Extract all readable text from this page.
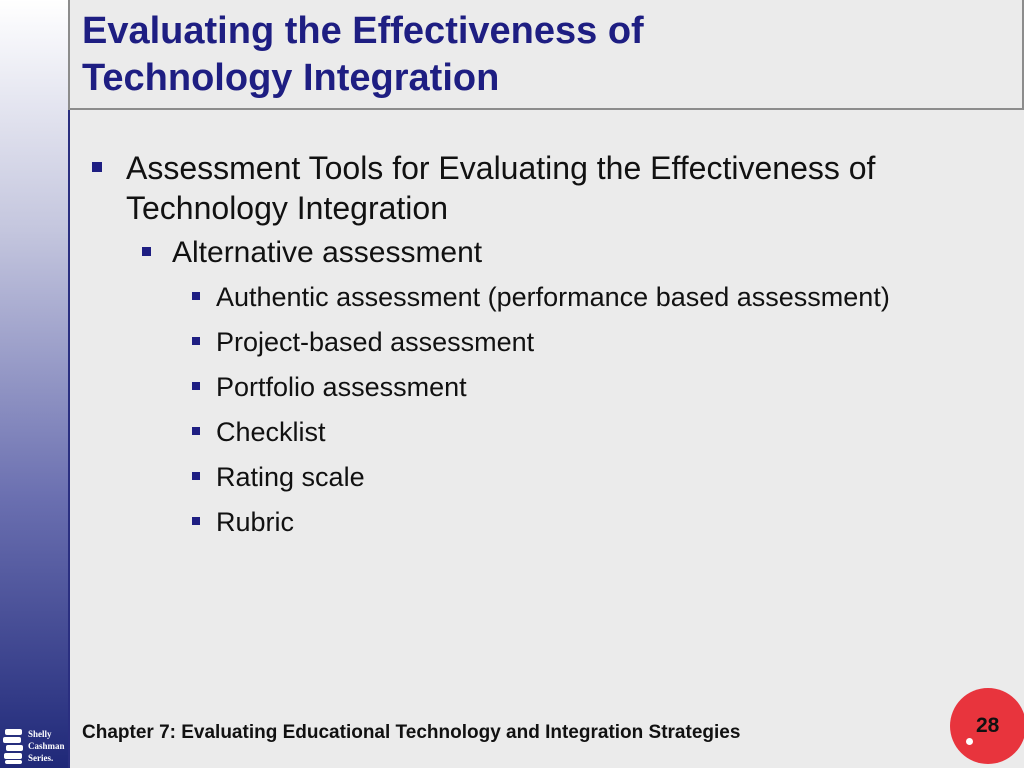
Evaluating the Effectiveness of
Technology Integration
Assessment Tools for Evaluating the Effectiveness of Technology Integration
Alternative assessment
Authentic assessment (performance based assessment)
Project-based assessment
Portfolio assessment
Checklist
Rating scale
Rubric
Chapter 7: Evaluating Educational Technology and Integration Strategies	28
Shelly
Cashman
Series.
